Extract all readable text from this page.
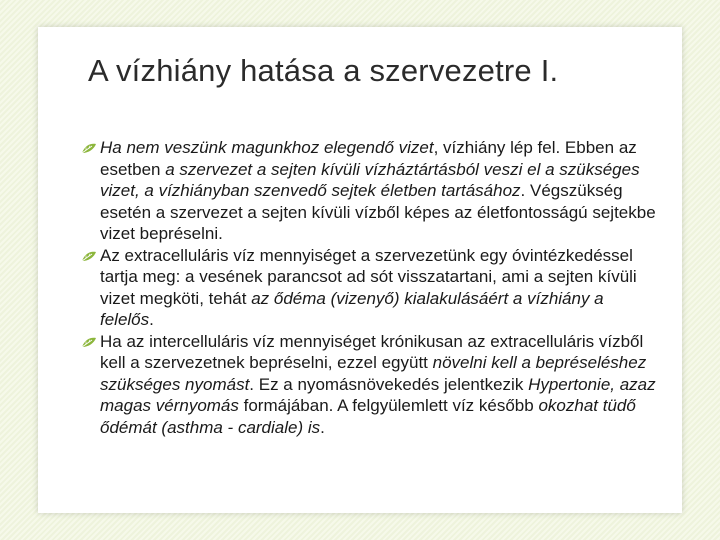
A vízhiány hatása a szervezetre I.
Ha nem veszünk magunkhoz elegendő vizet, vízhiány lép fel. Ebben az esetben a szervezet a sejten kívüli vízháztártásból veszi el a szükséges vizet, a vízhiányban szenvedő sejtek életben tartásához. Végszükség esetén a szervezet a sejten kívüli vízből képes az életfontosságú sejtekbe vizet bepréselni.
Az extracelluláris víz mennyiséget a szervezetünk egy óvintézkedéssel tartja meg: a vesének parancsot ad sót visszatartani, ami a sejten kívüli vizet megköti, tehát az ődéma (vizenyő) kialakulásáért a vízhiány a felelős.
Ha az intercelluláris víz mennyiséget krónikusan az extracelluláris vízből kell a szervezetnek bepréselni, ezzel együtt növelni kell a bepréseléshez szükséges nyomást. Ez a nyomásnövekedés jelentkezik Hypertonie, azaz magas vérnyomás formájában. A felgyülemlett víz később okozhat tüdő ődémát (asthma - cardiale) is.
